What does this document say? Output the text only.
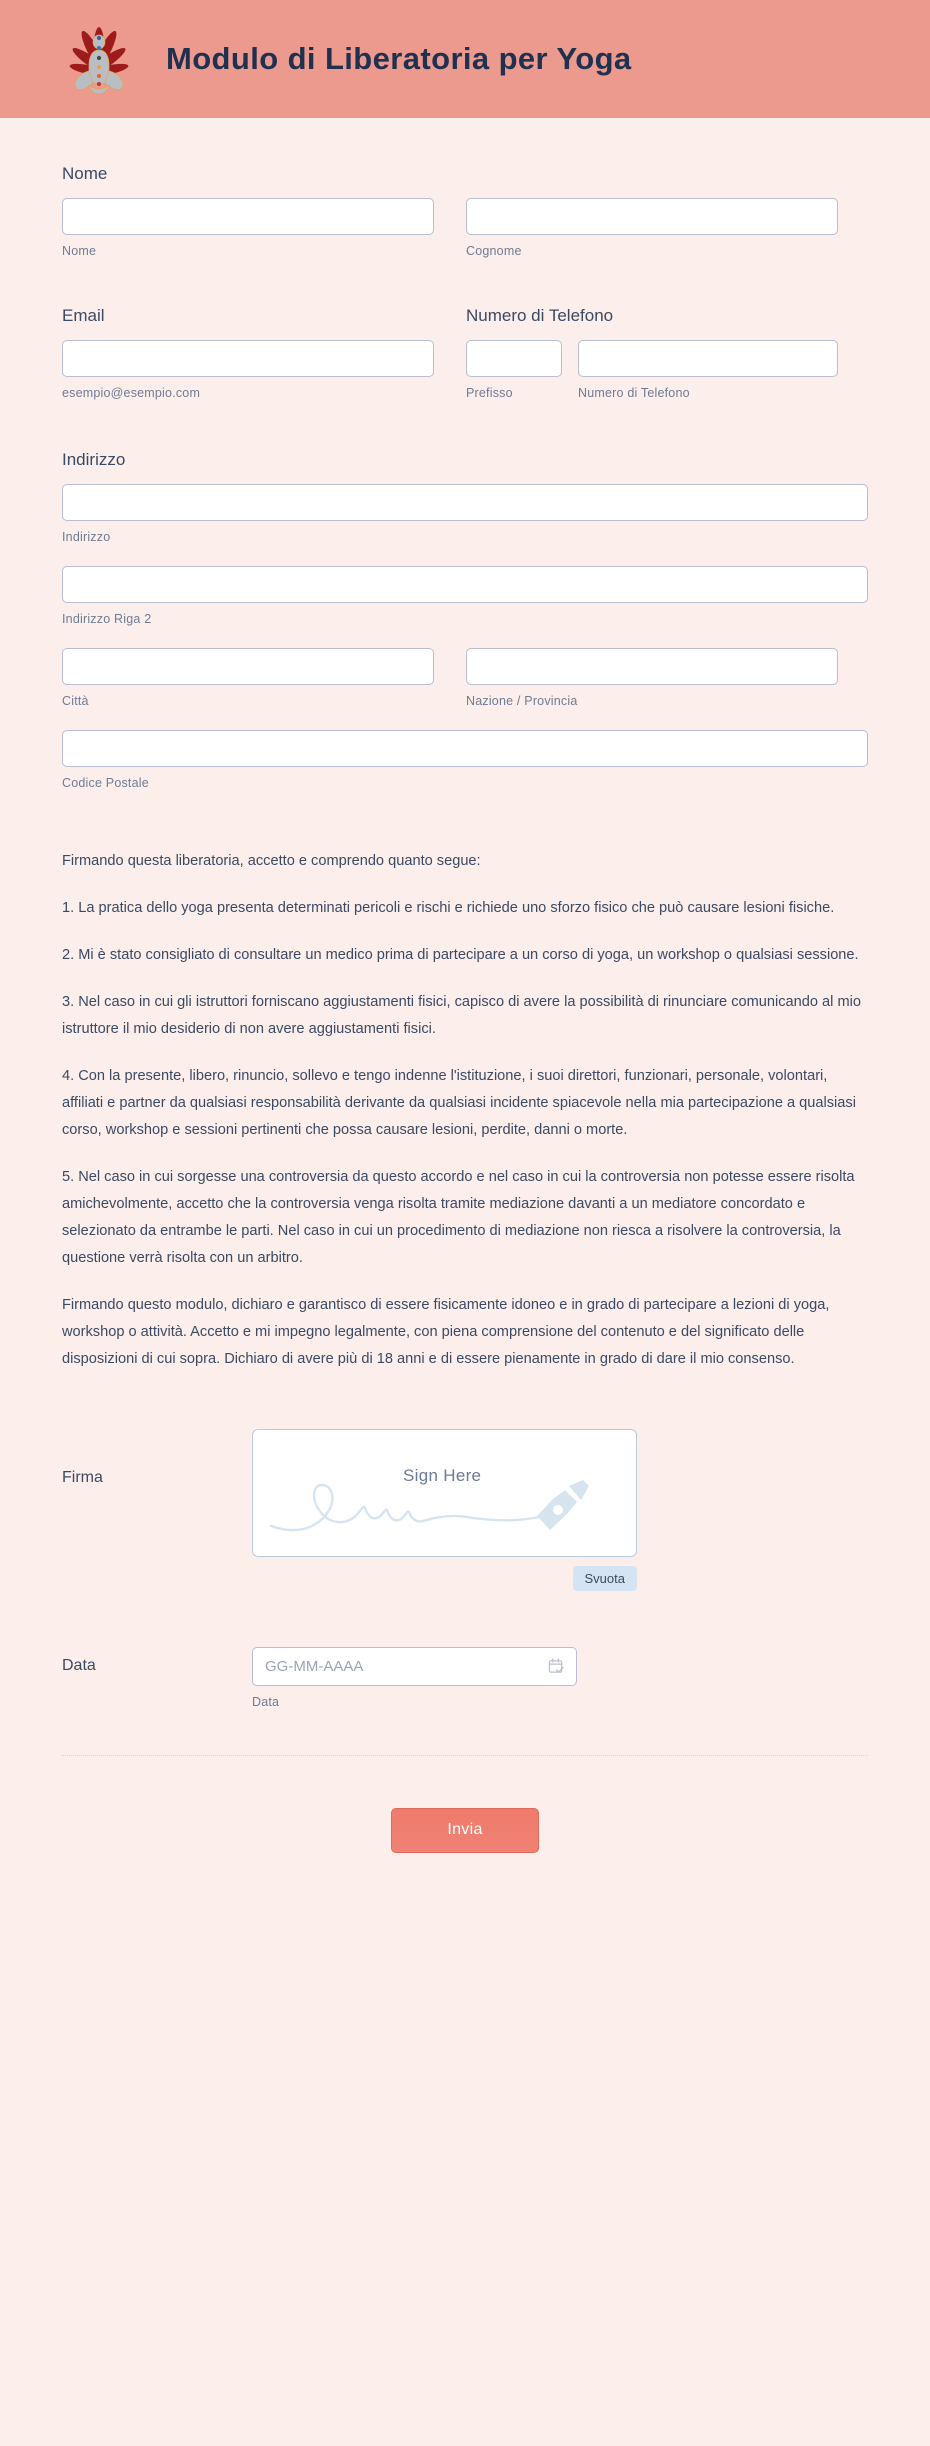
Modulo di Liberatoria per Yoga
Nome
Nome	Cognome
Email
esempio@esempio.com
Numero di Telefono
Prefisso	Numero di Telefono
Indirizzo
Indirizzo
Indirizzo Riga 2
Città	Nazione / Provincia
Codice Postale

Firmando questa liberatoria, accetto e comprendo quanto segue:

1. La pratica dello yoga presenta determinati pericoli e rischi e richiede uno sforzo fisico che può causare lesioni fisiche.

2. Mi è stato consigliato di consultare un medico prima di partecipare a un corso di yoga, un workshop o qualsiasi sessione.

3. Nel caso in cui gli istruttori forniscano aggiustamenti fisici, capisco di avere la possibilità di rinunciare comunicando al mio istruttore il mio desiderio di non avere aggiustamenti fisici.

4. Con la presente, libero, rinuncio, sollevo e tengo indenne l'istituzione, i suoi direttori, funzionari, personale, volontari, affiliati e partner da qualsiasi responsabilità derivante da qualsiasi incidente spiacevole nella mia partecipazione a qualsiasi corso, workshop e sessioni pertinenti che possa causare lesioni, perdite, danni o morte.

5. Nel caso in cui sorgesse una controversia da questo accordo e nel caso in cui la controversia non potesse essere risolta amichevolmente, accetto che la controversia venga risolta tramite mediazione davanti a un mediatore concordato e selezionato da entrambe le parti. Nel caso in cui un procedimento di mediazione non riesca a risolvere la controversia, la questione verrà risolta con un arbitro.

Firmando questo modulo, dichiaro e garantisco di essere fisicamente idoneo e in grado di partecipare a lezioni di yoga, workshop o attività. Accetto e mi impegno legalmente, con piena comprensione del contenuto e del significato delle disposizioni di cui sopra. Dichiaro di avere più di 18 anni e di essere pienamente in grado di dare il mio consenso.

Firma	Sign Here
Svuota
Data
GG-MM-AAAA
Data
Invia
